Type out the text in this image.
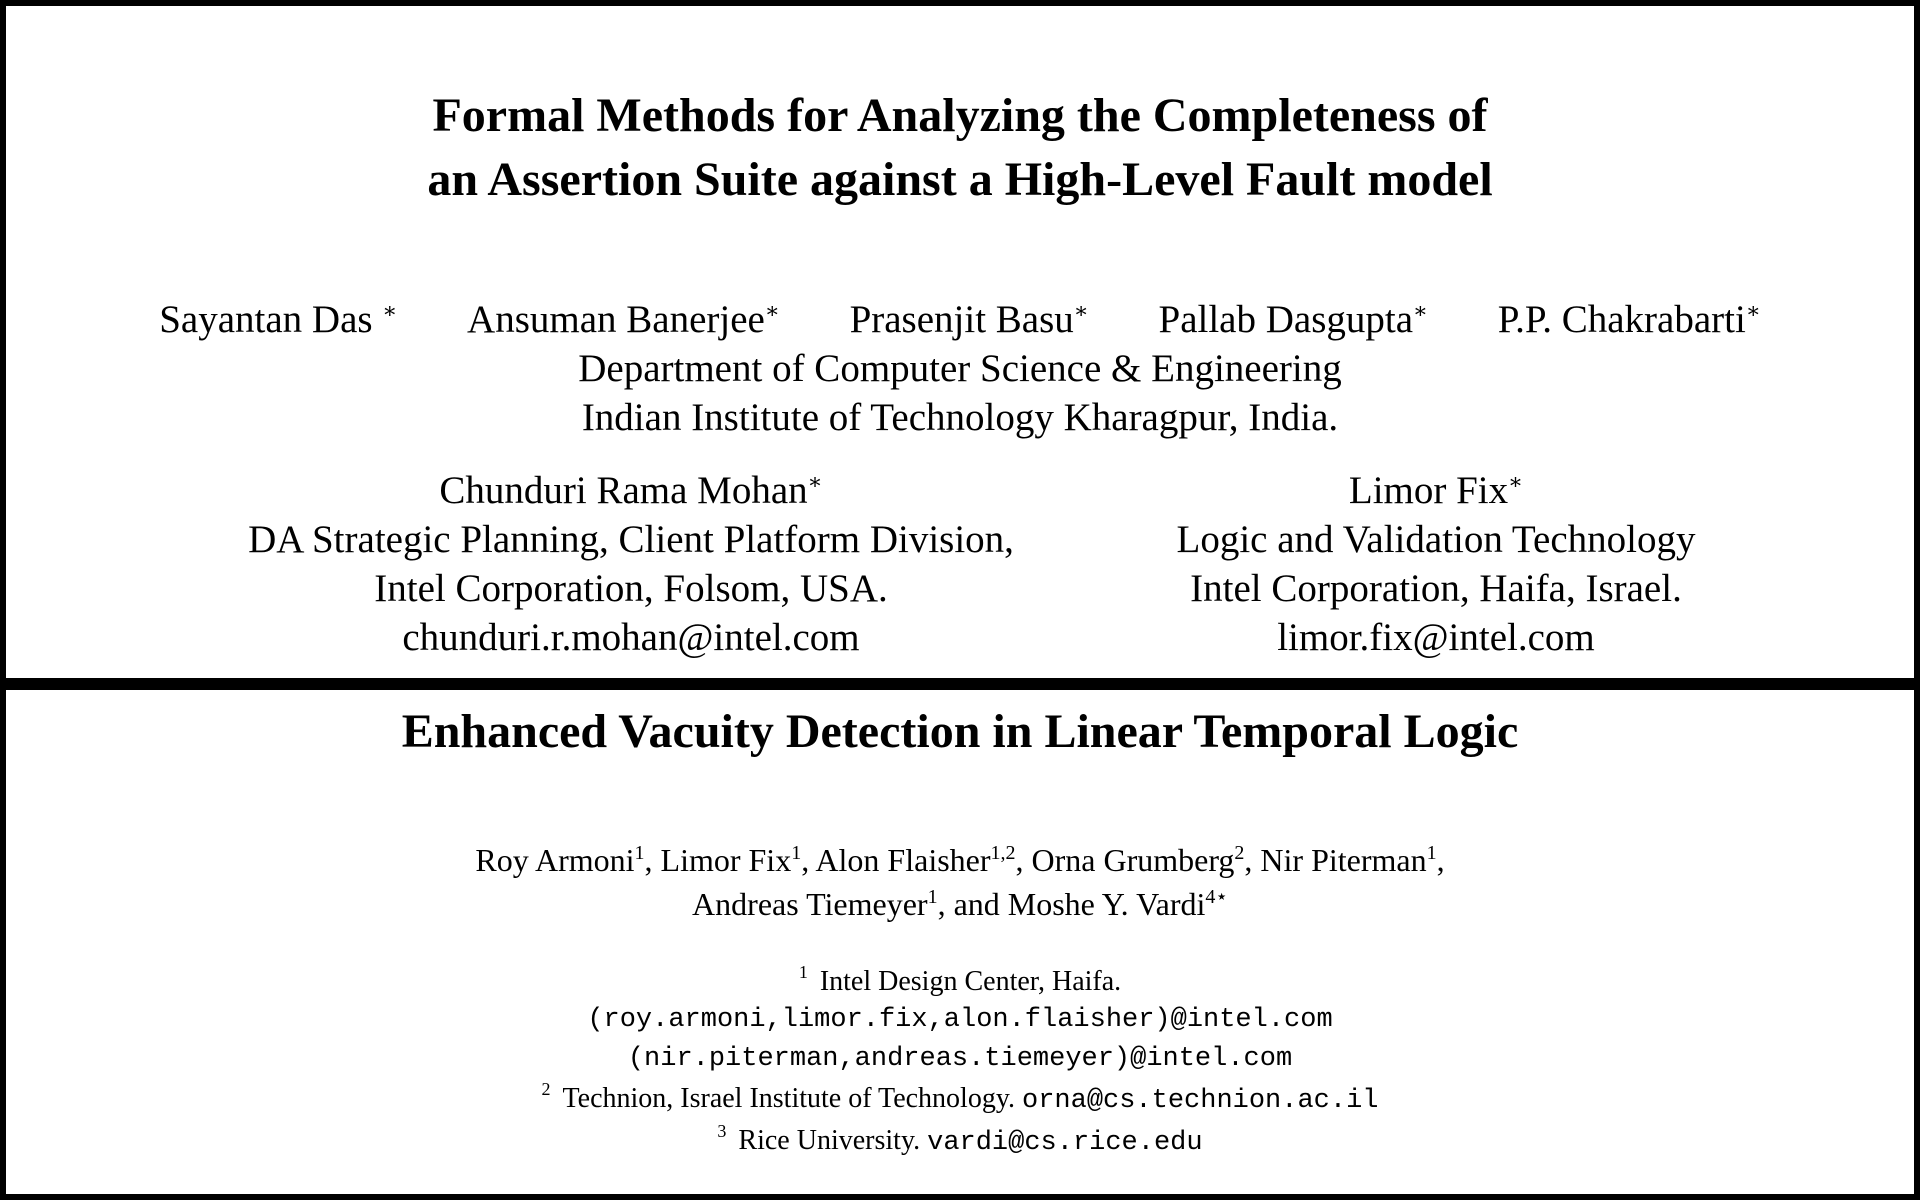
Formal Methods for Analyzing the Completeness of
an Assertion Suite against a High-Level Fault model
Sayantan Das ∗ Ansuman Banerjee∗ Prasenjit Basu∗ Pallab Dasgupta∗ P.P. Chakrabarti∗
Department of Computer Science & Engineering
Indian Institute of Technology Kharagpur, India.
Chunduri Rama Mohan∗
DA Strategic Planning, Client Platform Division,
Intel Corporation, Folsom, USA.
chunduri.r.mohan@intel.com
Limor Fix∗
Logic and Validation Technology
Intel Corporation, Haifa, Israel.
limor.fix@intel.com
Enhanced Vacuity Detection in Linear Temporal Logic
Roy Armoni$^1$, Limor Fix$^1$, Alon Flaisher$^{1,2}$, Orna Grumberg$^2$, Nir Piterman$^1$,
Andreas Tiemeyer$^1$, and Moshe Y. Vardi$^{4⋆}$
$^1$ Intel Design Center, Haifa.
(roy.armoni,limor.fix,alon.flaisher)@intel.com
(nir.piterman,andreas.tiemeyer)@intel.com
$^2$ Technion, Israel Institute of Technology. orna@cs.technion.ac.il
$^3$ Rice University. vardi@cs.rice.edu
